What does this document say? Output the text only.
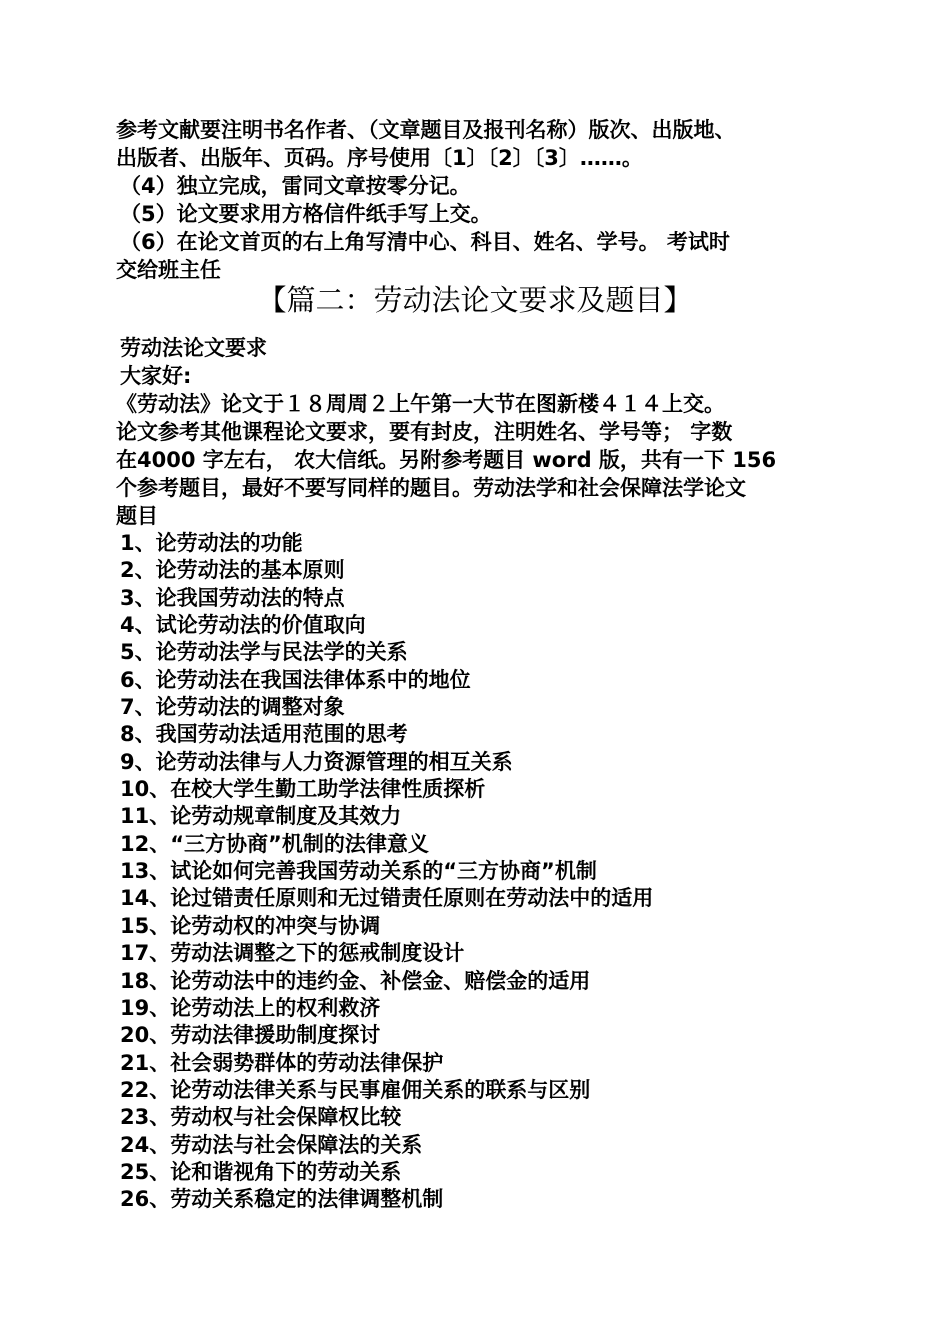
参考文献要注明书名作者、（文章题目及报刊名称）版次、出版地、
出版者、出版年、页码。序号使用〔1〕〔2〕〔3〕……。
（4）独立完成，雷同文章按零分记。
（5）论文要求用方格信件纸手写上交。
（6）在论文首页的右上角写清中心、科目、姓名、学号。 考试时
交给班主任
【篇二：劳动法论文要求及题目】
劳动法论文要求
大家好:
《劳动法》论文于１８周周２上午第一大节在图新楼４１４上交。
论文参考其他课程论文要求，要有封皮，注明姓名、学号等； 字数
在4000 字左右， 农大信纸。另附参考题目 word 版，共有一下 156
个参考题目，最好不要写同样的题目。劳动法学和社会保障法学论文
题目
1、论劳动法的功能
2、论劳动法的基本原则
3、论我国劳动法的特点
4、试论劳动法的价值取向
5、论劳动法学与民法学的关系
6、论劳动法在我国法律体系中的地位
7、论劳动法的调整对象
8、我国劳动法适用范围的思考
9、论劳动法律与人力资源管理的相互关系
10、在校大学生勤工助学法律性质探析
11、论劳动规章制度及其效力
12、“三方协商”机制的法律意义
13、试论如何完善我国劳动关系的“三方协商”机制
14、论过错责任原则和无过错责任原则在劳动法中的适用
15、论劳动权的冲突与协调
17、劳动法调整之下的惩戒制度设计
18、论劳动法中的违约金、补偿金、赔偿金的适用
19、论劳动法上的权利救济
20、劳动法律援助制度探讨
21、社会弱势群体的劳动法律保护
22、论劳动法律关系与民事雇佣关系的联系与区别
23、劳动权与社会保障权比较
24、劳动法与社会保障法的关系
25、论和谐视角下的劳动关系
26、劳动关系稳定的法律调整机制
